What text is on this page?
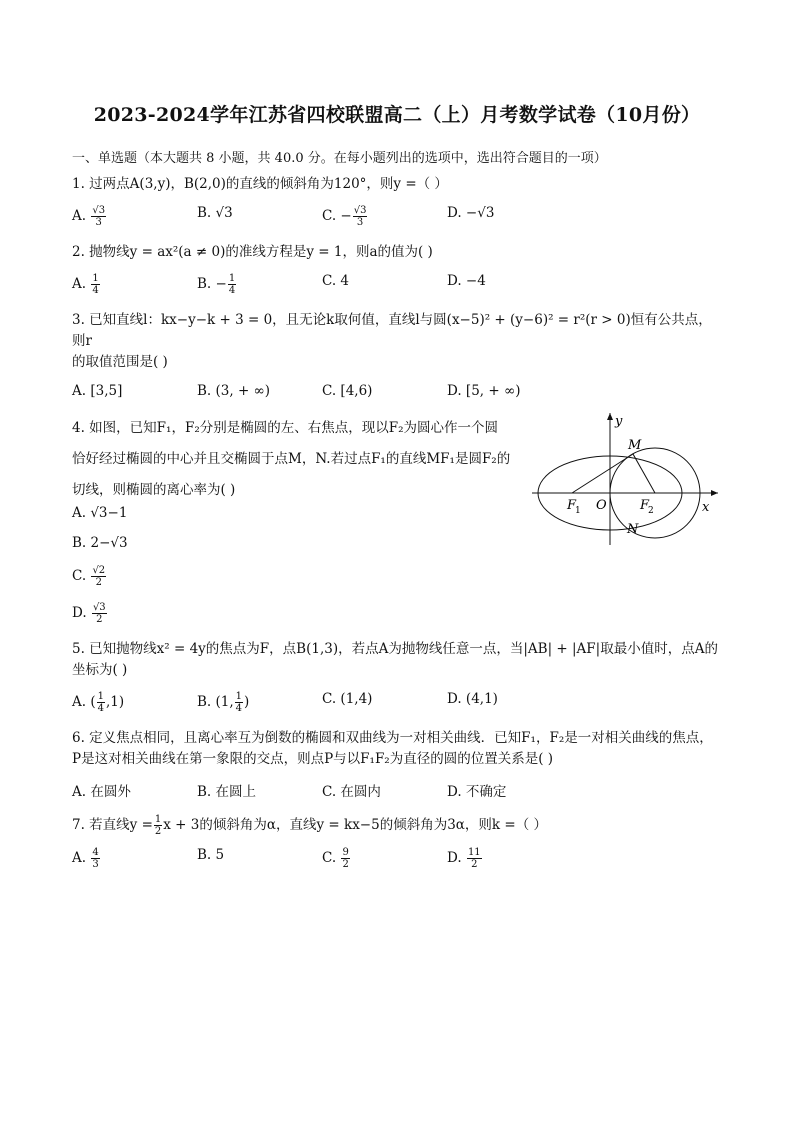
2023-2024学年江苏省四校联盟高二（上）月考数学试卷（10月份）
一、单选题（本大题共 8 小题，共 40.0 分。在每小题列出的选项中，选出符合题目的一项）
1. 过两点A(3,y)，B(2,0)的直线的倾斜角为120°，则y =（ ）
A. $\frac{√3}{3}$	B. √3	C. − $\frac{√3}{3}$	D. −√3
2. 抛物线y = ax²(a ≠ 0)的准线方程是y = 1，则a的值为( )
A. $\frac{1}{4}$	B. − $\frac{1}{4}$	C. 4	D. −4
3. 已知直线l：kx−y−k + 3 = 0，且无论k取何值，直线l与圆(x−5)² + (y−6)² = r²(r > 0)恒有公共点，则r
的取值范围是( )
A. [3,5]	B. (3, + ∞)	C. [4,6)	D. [5, + ∞)
4. 如图，已知F₁，F₂分别是椭圆的左、右焦点，现以F₂为圆心作一个圆
恰好经过椭圆的中心并且交椭圆于点M，N.若过点F₁的直线MF₁是圆F₂的
切线，则椭圆的离心率为( )
y
x
M
N
O
F
1	F
2
A. √3−1
B. 2−√3
C. $\frac{√2}{2}$
D. $\frac{√3}{2}$
5. 已知抛物线x² = 4y的焦点为F，点B(1,3)，若点A为抛物线任意一点，当|AB| + |AF|取最小值时，点A的
坐标为( )
A. ( $\frac{1}{4} ,1$)	B. (1, $\frac{1}{4}$ )	C. (1,4)	D. (4,1)
6. 定义焦点相同，且离心率互为倒数的椭圆和双曲线为一对相关曲线．已知F₁，F₂是一对相关曲线的焦点，
P是这对相关曲线在第一象限的交点，则点P与以F₁F₂为直径的圆的位置关系是( )
A. 在圆外	B. 在圆上	C. 在圆内	D. 不确定
7. 若直线$y = \frac{1}{2}$ x + 3的倾斜角为α，直线y = kx−5的倾斜角为3α，则k =（ ）
A. $\frac{4}{3}$	B. 5	C. $\frac{9}{2}$	D. $\frac{11}{2}$
